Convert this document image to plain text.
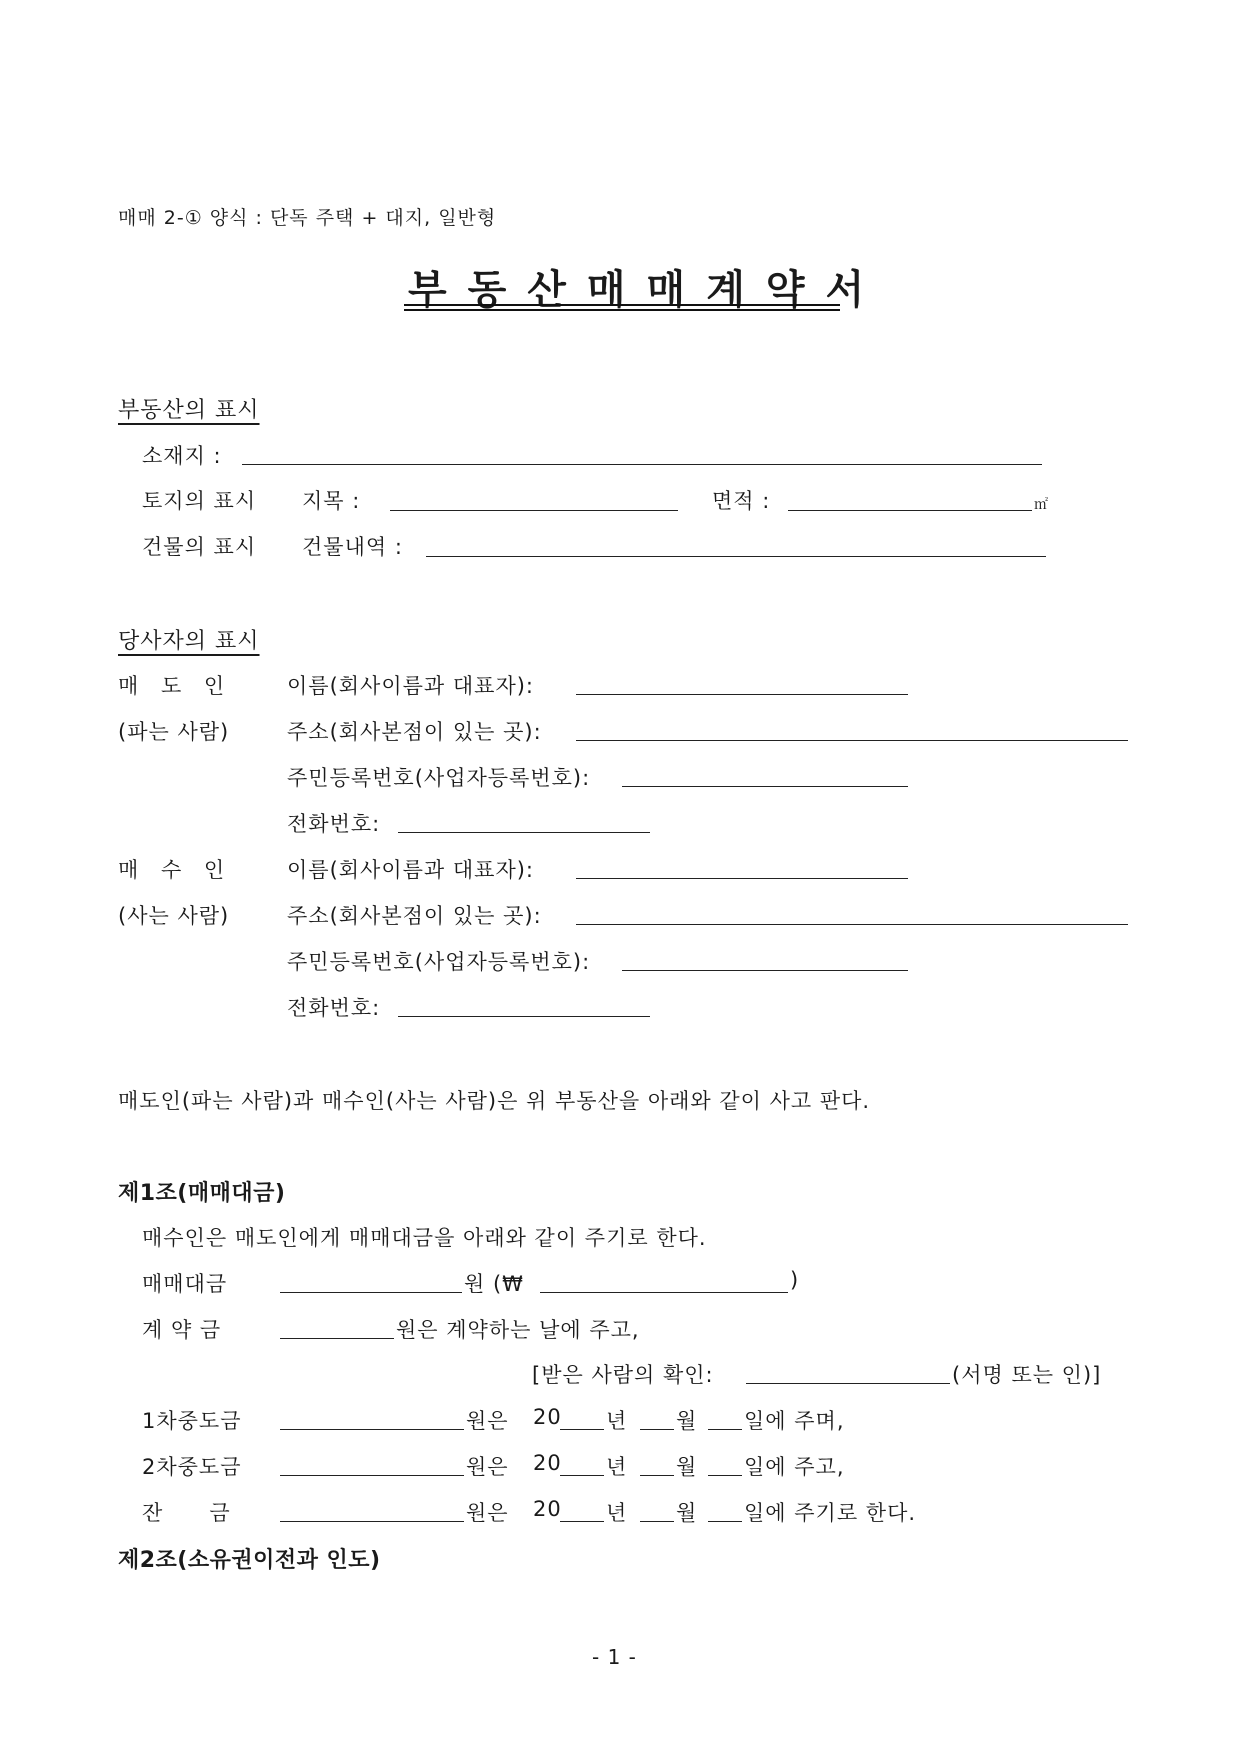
매매 2-① 양식 : 단독 주택 + 대지, 일반형
부동산매매계약서
부동산의 표시
소재지 :
토지의 표시 지목 :	면적 :	㎡
건물의 표시 건물내역 :
당사자의 표시
매 도 인	이름(회사이름과 대표자):
(파는 사람)	주소(회사본점이 있는 곳):
주민등록번호(사업자등록번호):
전화번호:
매 수 인	이름(회사이름과 대표자):
(사는 사람)	주소(회사본점이 있는 곳):
주민등록번호(사업자등록번호):
전화번호:
매도인(파는 사람)과 매수인(사는 사람)은 위 부동산을 아래와 같이 사고 판다.
제1조(매매대금)
매수인은 매도인에게 매매대금을 아래와 같이 주기로 한다.
매매대금	원 (₩	)
계 약 금	원은 계약하는 날에 주고,
[받은 사람의 확인:	(서명 또는 인)]
1차중도금	원은 20 년 월 일에 주며,
2차중도금	원은 20 년 월 일에 주고,
잔      금	원은 20 년 월 일에 주기로 한다.
제2조(소유권이전과 인도)
- 1 -
